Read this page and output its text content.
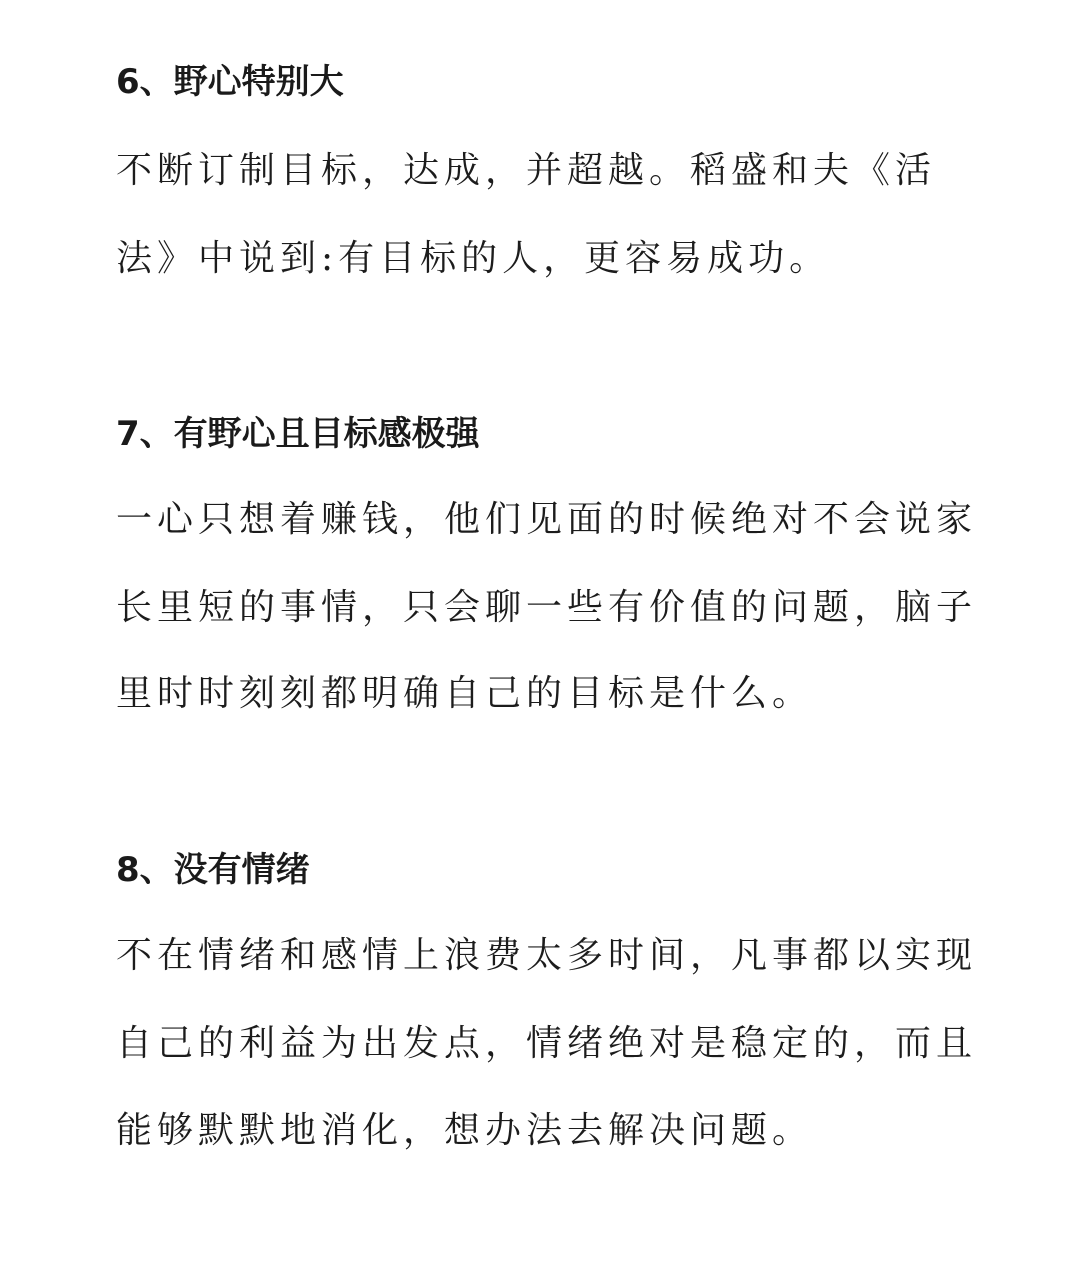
6、野心特别大

不断订制目标，达成，并超越。稻盛和夫《活

法》中说到:有目标的人，更容易成功。

7、有野心且目标感极强

一心只想着赚钱，他们见面的时候绝对不会说家

长里短的事情，只会聊一些有价值的问题，脑子

里时时刻刻都明确自己的目标是什么。

8、没有情绪

不在情绪和感情上浪费太多时间，凡事都以实现

自己的利益为出发点，情绪绝对是稳定的，而且

能够默默地消化，想办法去解决问题。
